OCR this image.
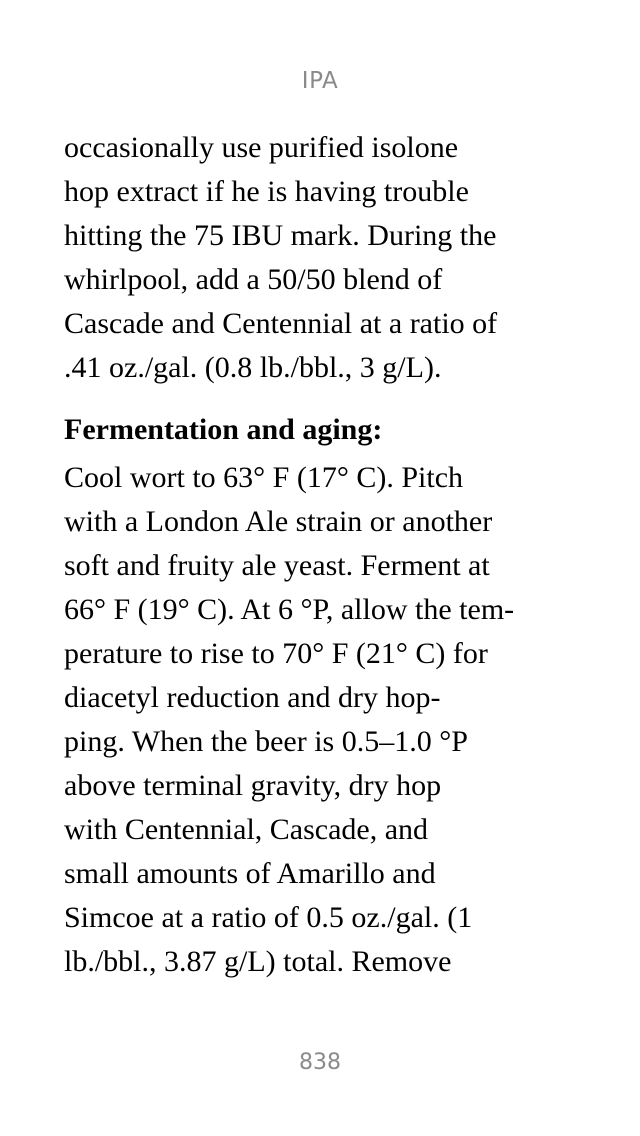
IPA
occasionally use purified isolone
hop extract if he is having trouble
hitting the 75 IBU mark. During the
whirlpool, add a 50/50 blend of
Cascade and Centennial at a ratio of
.41 oz./gal. (0.8 lb./bbl., 3 g/L).
Fermentation and aging:
Cool wort to 63° F (17° C). Pitch
with a London Ale strain or another
soft and fruity ale yeast. Ferment at
66° F (19° C). At 6 °P, allow the tem-
perature to rise to 70° F (21° C) for
diacetyl reduction and dry hop-
ping. When the beer is 0.5–1.0 °P
above terminal gravity, dry hop
with Centennial, Cascade, and
small amounts of Amarillo and
Simcoe at a ratio of 0.5 oz./gal. (1
lb./bbl., 3.87 g/L) total. Remove
838
